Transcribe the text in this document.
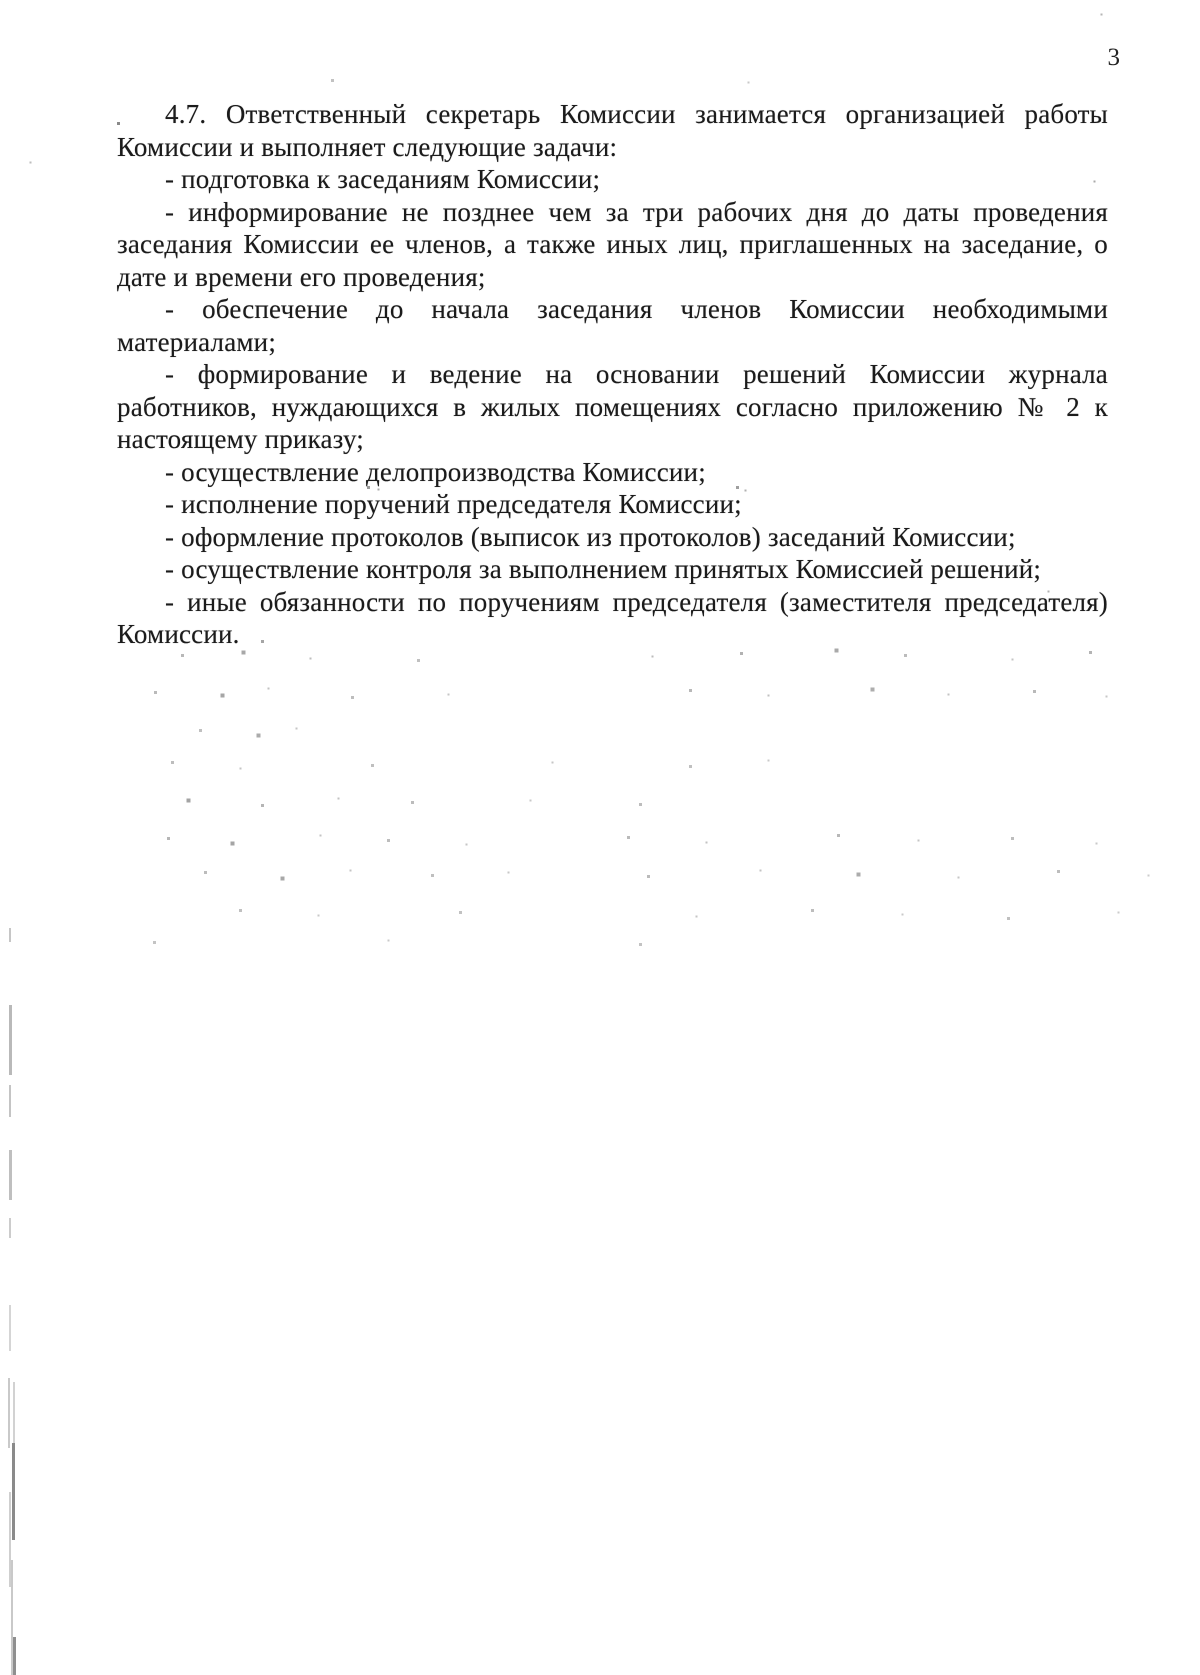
3
4.7. Ответственный секретарь Комиссии занимается организацией работы
Комиссии и выполняет следующие задачи:
- подготовка к заседаниям Комиссии;
- информирование не позднее чем за три рабочих дня до даты проведения
заседания Комиссии ее членов, а также иных лиц, приглашенных на заседание, о
дате и времени его проведения;
- обеспечение до начала заседания членов Комиссии необходимыми
материалами;
- формирование и ведение на основании решений Комиссии журнала
работников, нуждающихся в жилых помещениях согласно приложению № 2 к
настоящему приказу;
- осуществление делопроизводства Комиссии;
- исполнение поручений председателя Комиссии;
- оформление протоколов (выписок из протоколов) заседаний Комиссии;
- осуществление контроля за выполнением принятых Комиссией решений;
- иные обязанности по поручениям председателя (заместителя председателя)
Комиссии.
